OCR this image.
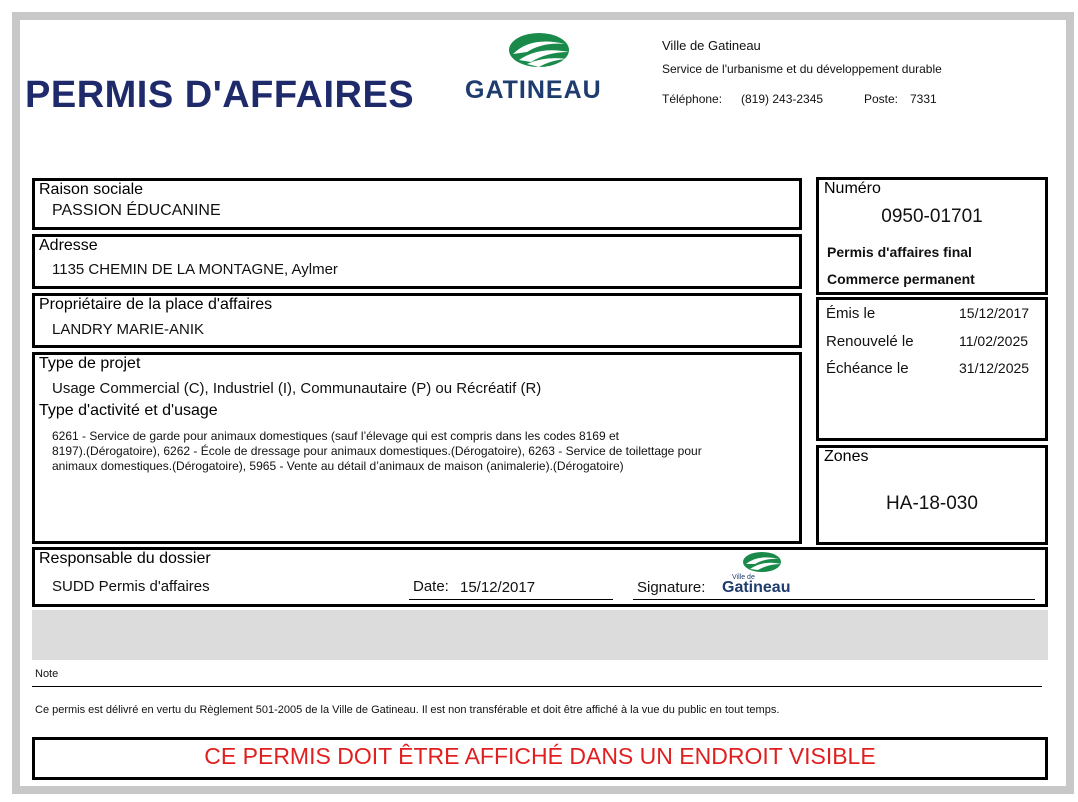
PERMIS D'AFFAIRES GATINEAU
Ville de Gatineau
Service de l'urbanisme et du développement durable
Téléphone: (819) 243-2345	Poste: 7331
Raison sociale
PASSION ÉDUCANINE
Adresse
1135 CHEMIN DE LA MONTAGNE, Aylmer
Propriétaire de la place d'affaires
LANDRY MARIE-ANIK
Type de projet
Usage Commercial (C), Industriel (I), Communautaire (P) ou Récréatif (R)
Type d'activité et d'usage
6261 - Service de garde pour animaux domestiques (sauf l’élevage qui est compris dans les codes 8169 et
8197).(Dérogatoire), 6262 - École de dressage pour animaux domestiques.(Dérogatoire), 6263 - Service de toilettage pour
animaux domestiques.(Dérogatoire), 5965 - Vente au détail d’animaux de maison (animalerie).(Dérogatoire)
Numéro
0950-01701
Permis d'affaires final
Commerce permanent
Émis le	15/12/2017
Renouvelé le	11/02/2025
Échéance le	31/12/2025
Zones
HA-18-030
Responsable du dossier
SUDD Permis d'affaires	Date: 15/12/2017	Signature:
Ville de
Gatineau
Note
Ce permis est délivré en vertu du Règlement 501-2005 de la Ville de Gatineau. Il est non transférable et doit être affiché à la vue du public en tout temps.
CE PERMIS DOIT ÊTRE AFFICHÉ DANS UN ENDROIT VISIBLE
